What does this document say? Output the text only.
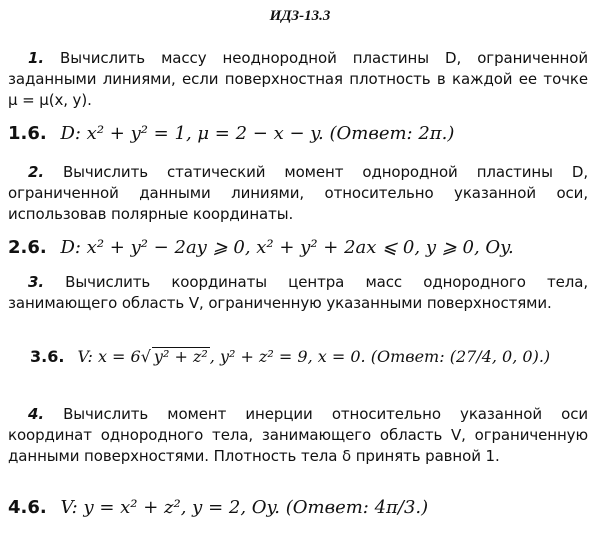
ИДЗ-13.3
1. Вычислить массу неоднородной пластины D, ограниченной заданными линиями, если поверхностная плотность в каждой ее точке μ = μ(x, y).
1.6. D: x² + y² = 1, μ = 2 − x − y. (Ответ: 2π.)
2. Вычислить статический момент однородной пластины D, ограниченной данными линиями, относительно указанной оси, использовав полярные координаты.
2.6. D: x² + y² − 2ay ⩾ 0, x² + y² + 2ax ⩽ 0, y ⩾ 0, Oy.
3. Вычислить координаты центра масс однородного тела, занимающего область V, ограниченную указанными поверхностями.
3.6. V: x = 6√ y² + z² , y² + z² = 9, x = 0. (Ответ: (27/4, 0, 0).)
4. Вычислить момент инерции относительно указанной оси координат однородного тела, занимающего область V, ограниченную данными поверхностями. Плотность тела δ принять равной 1.
4.6. V: y = x² + z², y = 2, Oy. (Ответ: 4π/3.)
